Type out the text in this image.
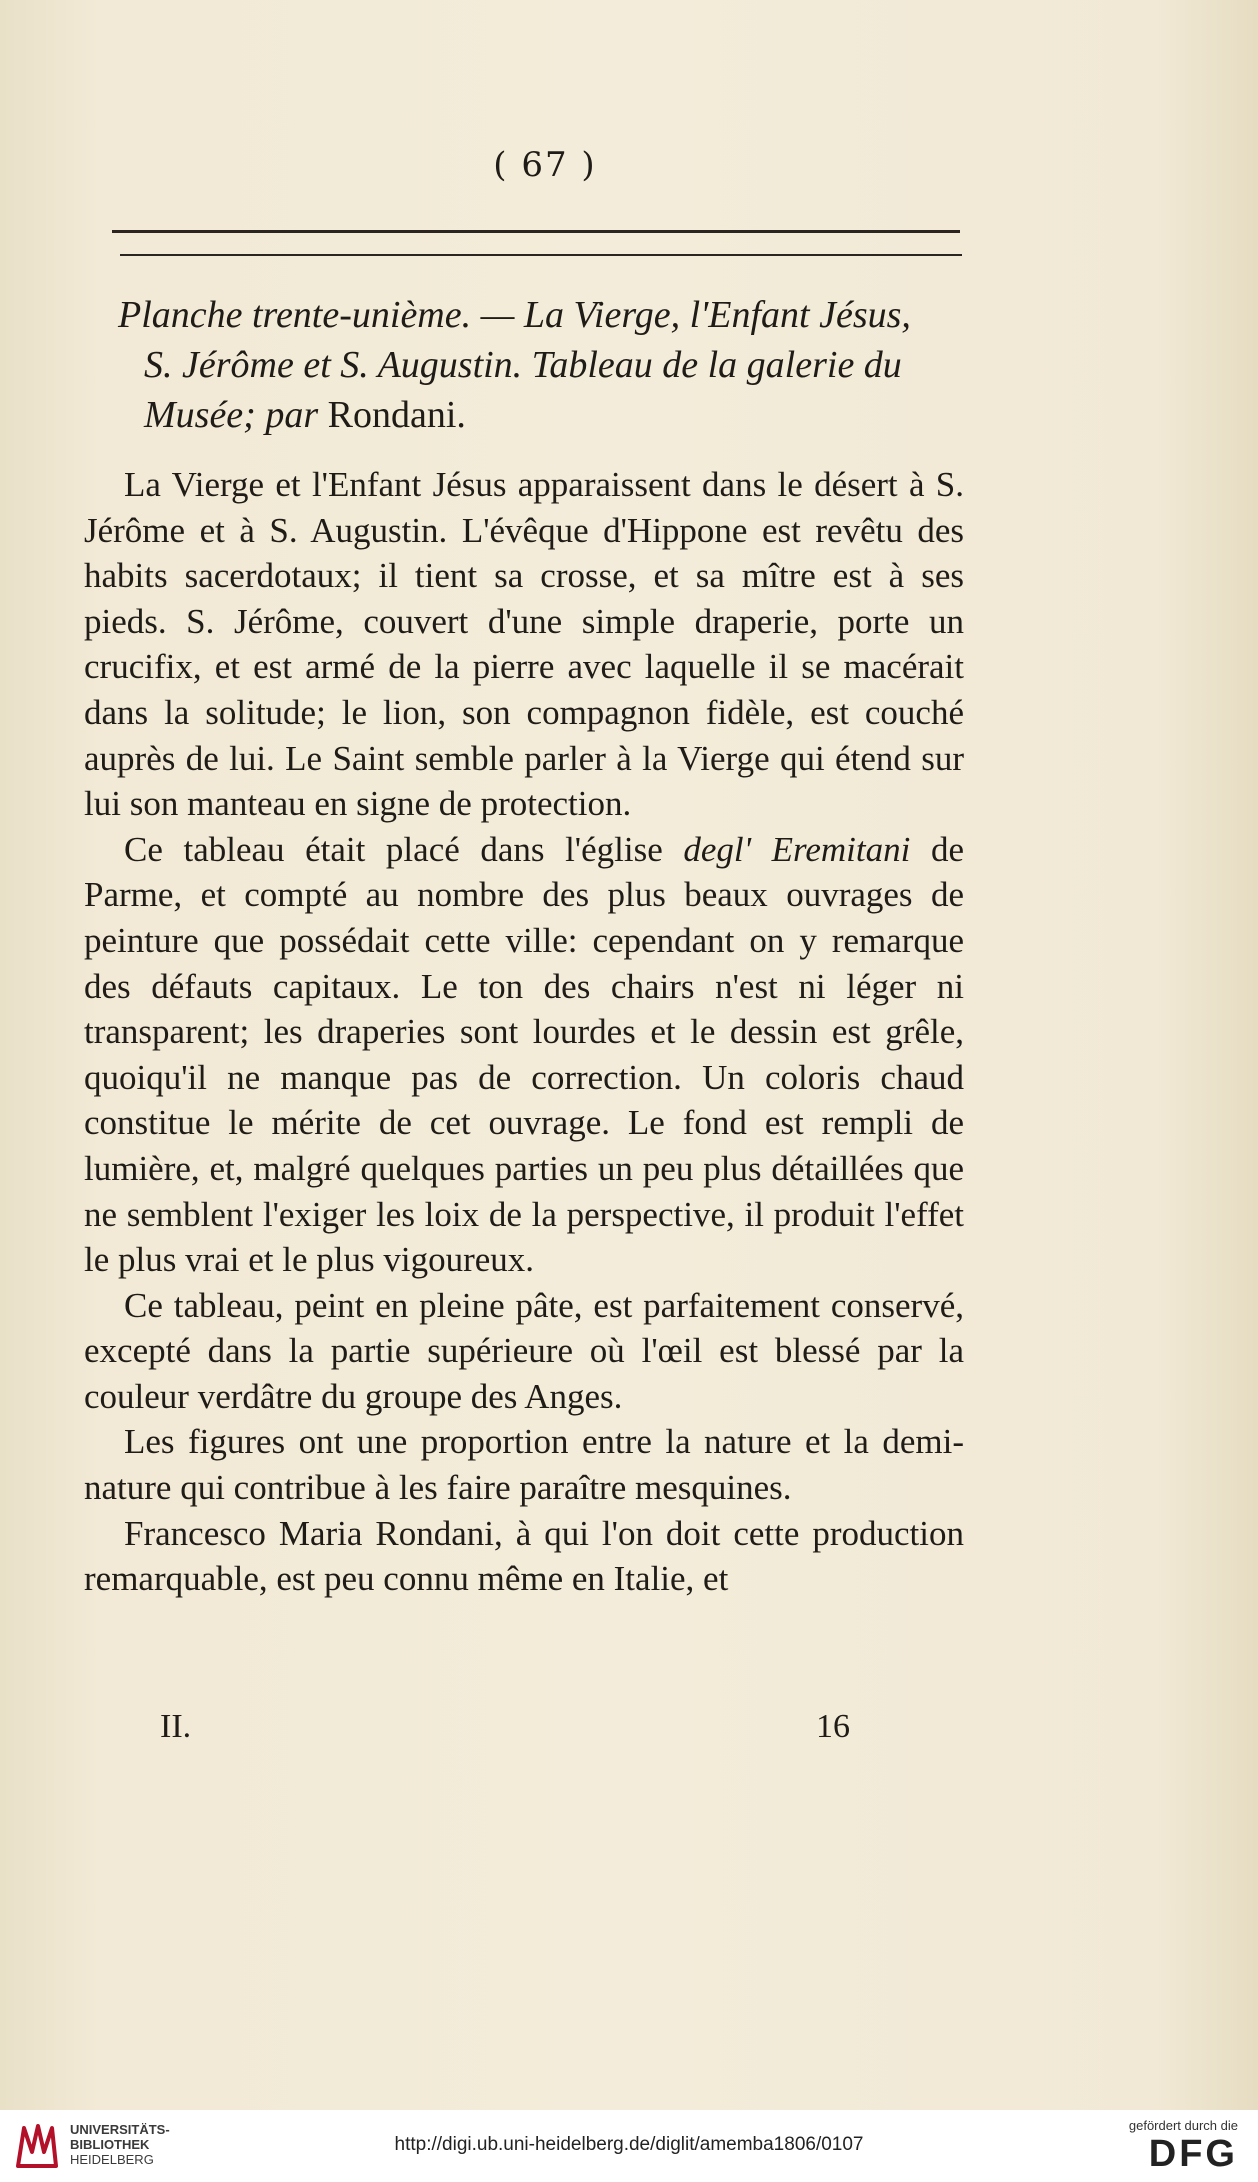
( 67 )
Planche trente-unième. — La Vierge, l'Enfant Jésus,
S. Jérôme et S. Augustin. Tableau de la galerie du
Musée; par Rondani.

La Vierge et l'Enfant Jésus apparaissent dans le désert à S. Jérôme et à S. Augustin. L'évêque d'Hippone est revêtu des habits sacerdotaux; il tient sa crosse, et sa mître est à ses pieds. S. Jérôme, couvert d'une simple draperie, porte un crucifix, et est armé de la pierre avec laquelle il se macérait dans la solitude; le lion, son compagnon fidèle, est couché auprès de lui. Le Saint semble parler à la Vierge qui étend sur lui son manteau en signe de protection.

Ce tableau était placé dans l'église degl' Eremitani de Parme, et compté au nombre des plus beaux ouvrages de peinture que possédait cette ville: cependant on y remarque des défauts capitaux. Le ton des chairs n'est ni léger ni transparent; les draperies sont lourdes et le dessin est grêle, quoiqu'il ne manque pas de correction. Un coloris chaud constitue le mérite de cet ouvrage. Le fond est rempli de lumière, et, malgré quelques parties un peu plus détaillées que ne semblent l'exiger les loix de la perspective, il produit l'effet le plus vrai et le plus vigoureux.

Ce tableau, peint en pleine pâte, est parfaitement conservé, excepté dans la partie supérieure où l'œil est blessé par la couleur verdâtre du groupe des Anges.

Les figures ont une proportion entre la nature et la demi-nature qui contribue à les faire paraître mesquines.

Francesco Maria Rondani, à qui l'on doit cette production remarquable, est peu connu même en Italie, et

II.	16
UNIVERSITÄTS-
BIBLIOTHEK
HEIDELBERG
http://digi.ub.uni-heidelberg.de/diglit/amemba1806/0107
gefördert durch die
DFG
